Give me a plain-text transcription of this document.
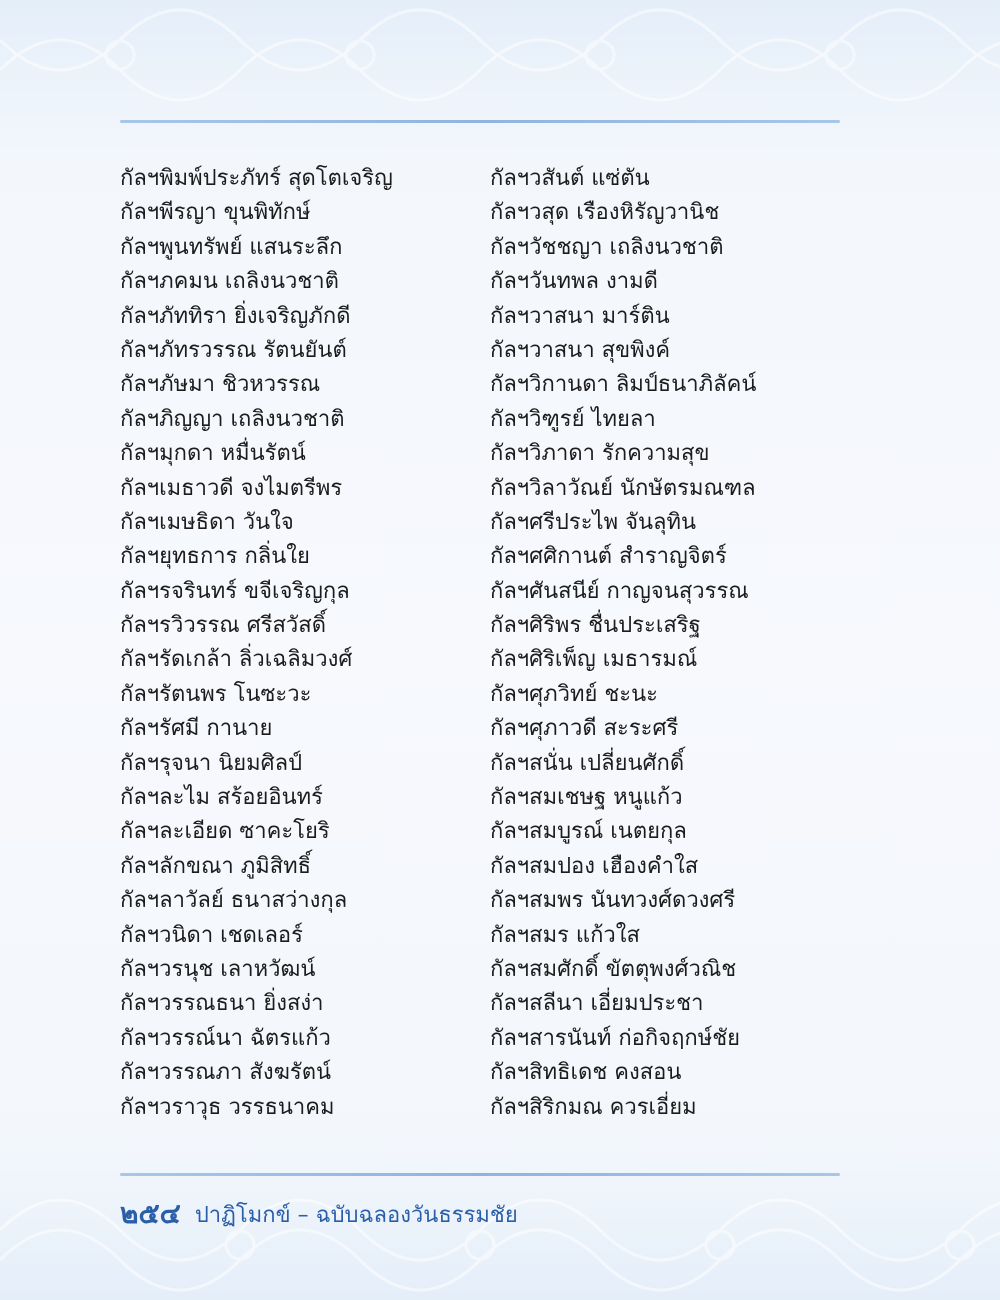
กัลฯพิมพ์ประภัทร์ สุดโตเจริญ
กัลฯพีรญา ขุนพิทักษ์
กัลฯพูนทรัพย์ แสนระลึก
กัลฯภคมน เถลิงนวชาติ
กัลฯภัททิรา ยิ่งเจริญภักดี
กัลฯภัทรวรรณ รัตนยันต์
กัลฯภัษมา ชิวหวรรณ
กัลฯภิญญา เถลิงนวชาติ
กัลฯมุกดา หมื่นรัตน์
กัลฯเมธาวดี จงไมตรีพร
กัลฯเมษธิดา วันใจ
กัลฯยุทธการ กลิ่นใย
กัลฯรจรินทร์ ขจีเจริญกุล
กัลฯรวิวรรณ ศรีสวัสดิ์
กัลฯรัดเกล้า ลิ่วเฉลิมวงศ์
กัลฯรัตนพร โนซะวะ
กัลฯรัศมี กานาย
กัลฯรุจนา นิยมศิลป์
กัลฯละไม สร้อยอินทร์
กัลฯละเอียด ซาคะโยริ
กัลฯลักขณา ภูมิสิทธิ์
กัลฯลาวัลย์ ธนาสว่างกุล
กัลฯวนิดา เชดเลอร์
กัลฯวรนุช เลาหวัฒน์
กัลฯวรรณธนา ยิ่งสง่า
กัลฯวรรณ์นา ฉัตรแก้ว
กัลฯวรรณภา สังฆรัตน์
กัลฯวราวุธ วรรธนาคม
กัลฯวสันต์ แซ่ตัน
กัลฯวสุด เรืองหิรัญวานิช
กัลฯวัชชญา เถลิงนวชาติ
กัลฯวันทพล งามดี
กัลฯวาสนา มาร์ติน
กัลฯวาสนา สุขพิงค์
กัลฯวิกานดา ลิมป์ธนาภิลัคน์
กัลฯวิฑูรย์ ไทยลา
กัลฯวิภาดา รักความสุข
กัลฯวิลาวัณย์ นักษัตรมณฑล
กัลฯศรีประไพ จันลุทิน
กัลฯศศิกานต์ สำราญจิตร์
กัลฯศันสนีย์ กาญจนสุวรรณ
กัลฯศิริพร ชื่นประเสริฐ
กัลฯศิริเพ็ญ เมธารมณ์
กัลฯศุภวิทย์ ชะนะ
กัลฯศุภาวดี สะระศรี
กัลฯสนั่น เปลี่ยนศักดิ์
กัลฯสมเชษฐ หนูแก้ว
กัลฯสมบูรณ์ เนตยกุล
กัลฯสมปอง เฮืองคำใส
กัลฯสมพร นันทวงศ์ดวงศรี
กัลฯสมร แก้วใส
กัลฯสมศักดิ์ ขัตตุพงศ์วณิช
กัลฯสลีนา เอี่ยมประชา
กัลฯสารนันท์ ก่อกิจฤกษ์ชัย
กัลฯสิทธิเดช คงสอน
กัลฯสิริกมณ ควรเอี่ยม
๒๕๔ ปาฏิโมกข์ – ฉบับฉลองวันธรรมชัย
